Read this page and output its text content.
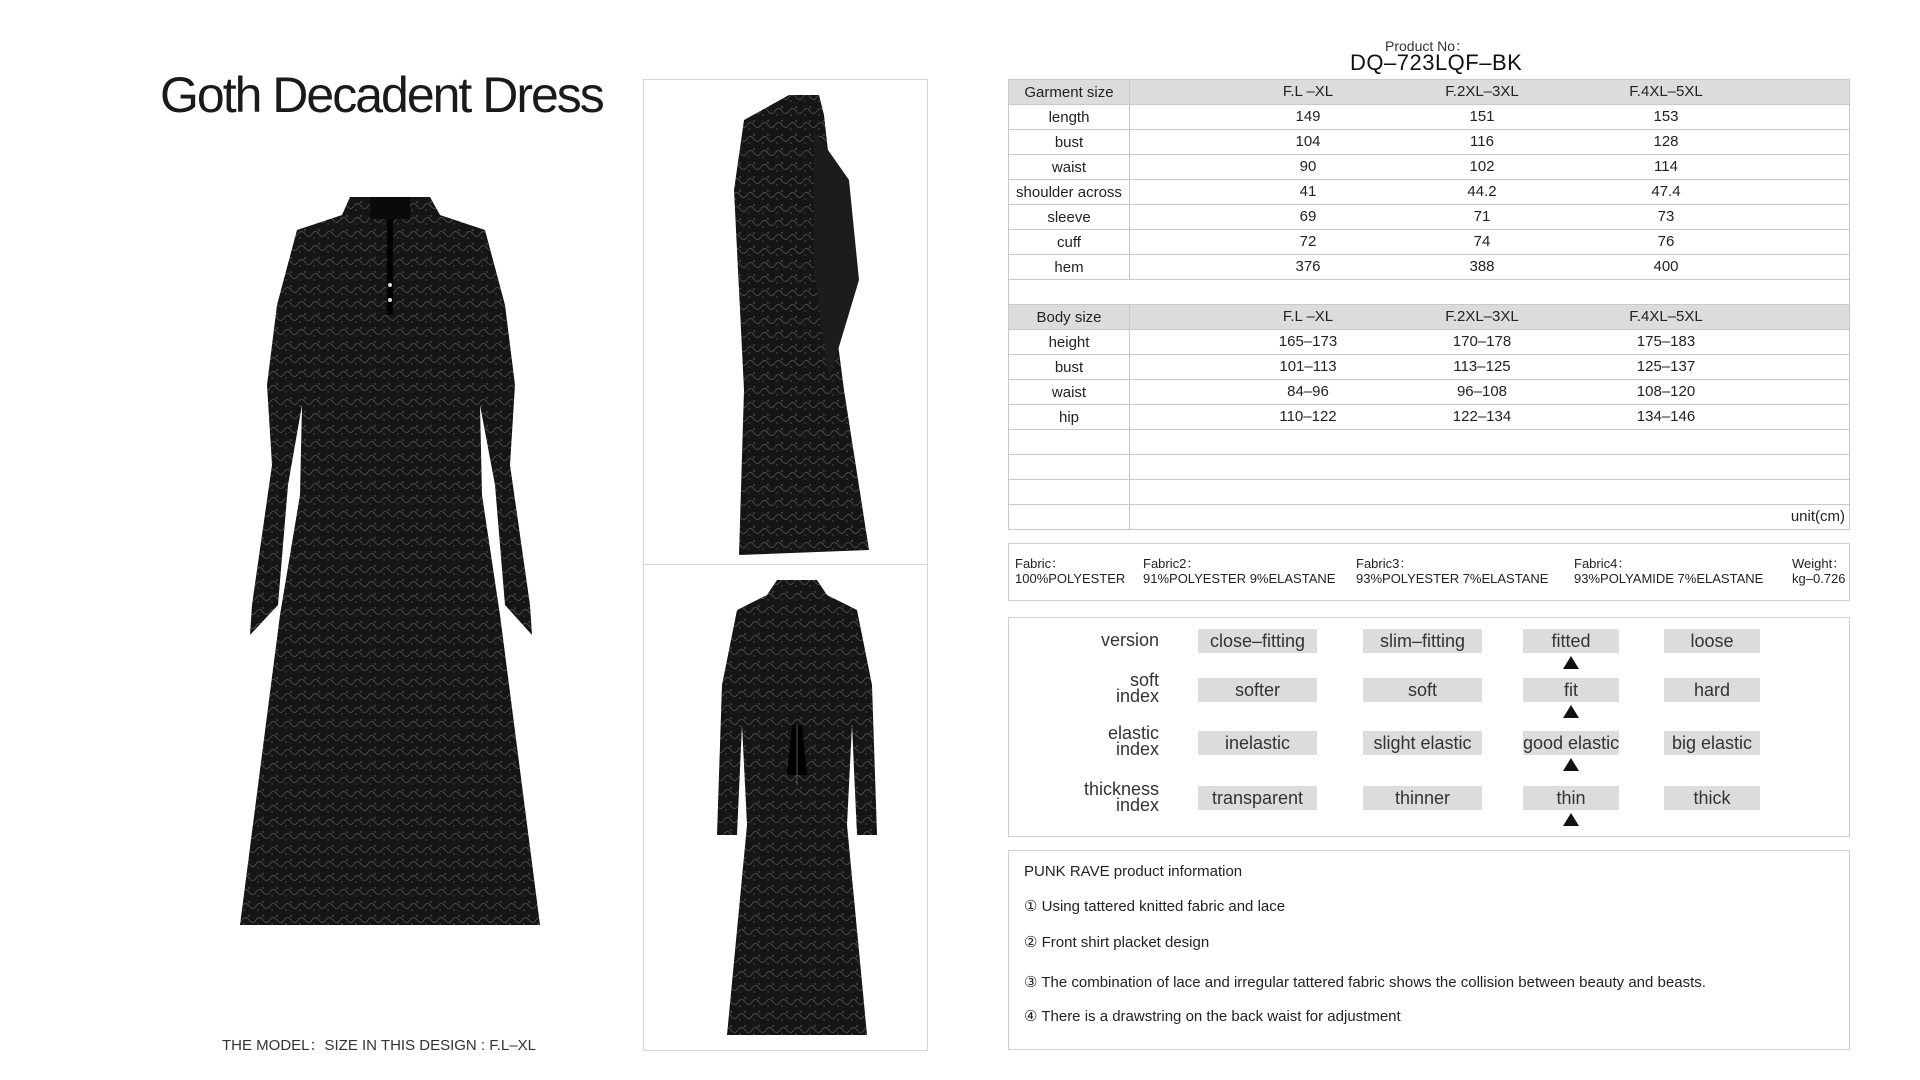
Goth Decadent Dress
THE MODEL：SIZE IN THIS DESIGN : F.L–XL
Product No：
DQ–723LQF–BK
Garment size	F.L –XL F.2XL–3XL F.4XL–5XL

length	149 151 153

bust	104 116 128

waist	90 102 114

shoulder across	41 44.2 47.4

sleeve	69 71 73

cuff	72 74 76

hem	376 388 400

Body size	F.L –XL F.2XL–3XL F.4XL–5XL

height	165–173 170–178 175–183

bust	101–113 113–125 125–137

waist	84–96 96–108 108–120

hip	110–122 122–134 134–146

	unit(cm)
Fabric：
100%POLYESTER
Fabric2：
91%POLYESTER 9%ELASTANE
Fabric3：
93%POLYESTER 7%ELASTANE
Fabric4：
93%POLYAMIDE 7%ELASTANE
Weight：
kg–0.726
version	close–fitting	slim–fitting	fitted	loose
soft
index	softer	soft	fit	hard
elastic
index	inelastic	slight elastic	good elastic	big elastic
thickness
index	transparent	thinner	thin	thick
PUNK RAVE product information
① Using tattered knitted fabric and lace
② Front shirt placket design
③ The combination of lace and irregular tattered fabric shows the collision between beauty and beasts.
④ There is a drawstring on the back waist for adjustment
